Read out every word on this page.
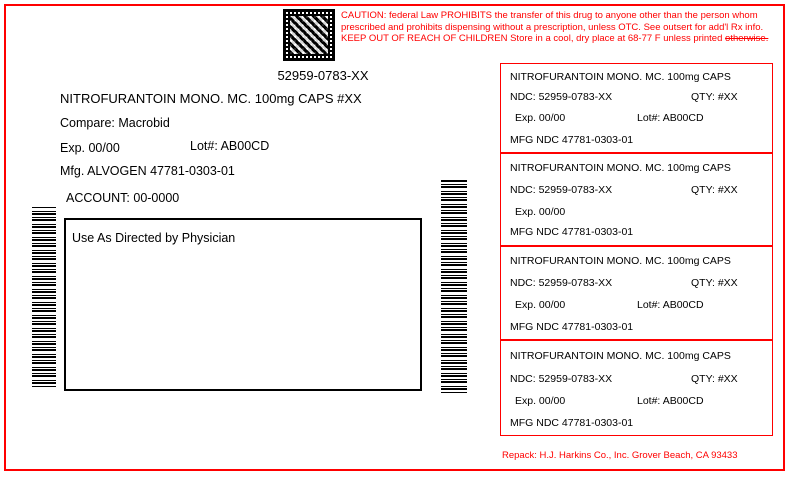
CAUTION: federal Law PROHIBITS the transfer of this drug to anyone other than the person whom prescribed and prohibits dispensing without a prescription, unless OTC. See outsert for add'l Rx info. KEEP OUT OF REACH OF CHILDREN Store in a cool, dry place at 68-77 F unless printed otherwise.
52959-0783-XX
NITROFURANTOIN MONO. MC. 100mg CAPS #XX
Compare: Macrobid
Exp. 00/00	Lot#: AB00CD
Mfg. ALVOGEN 47781-0303-01
ACCOUNT: 00-0000
Use As Directed by Physician
NITROFURANTOIN MONO. MC. 100mg CAPS
NDC: 52959-0783-XX	QTY: #XX
Exp. 00/00	Lot#: AB00CD
MFG NDC 47781-0303-01
NITROFURANTOIN MONO. MC. 100mg CAPS
NDC: 52959-0783-XX	QTY: #XX
Exp. 00/00
MFG NDC 47781-0303-01
NITROFURANTOIN MONO. MC. 100mg CAPS
NDC: 52959-0783-XX	QTY: #XX
Exp. 00/00	Lot#: AB00CD
MFG NDC 47781-0303-01
NITROFURANTOIN MONO. MC. 100mg CAPS
NDC: 52959-0783-XX	QTY: #XX
Exp. 00/00	Lot#: AB00CD
MFG NDC 47781-0303-01
Repack: H.J. Harkins Co., Inc. Grover Beach, CA 93433
